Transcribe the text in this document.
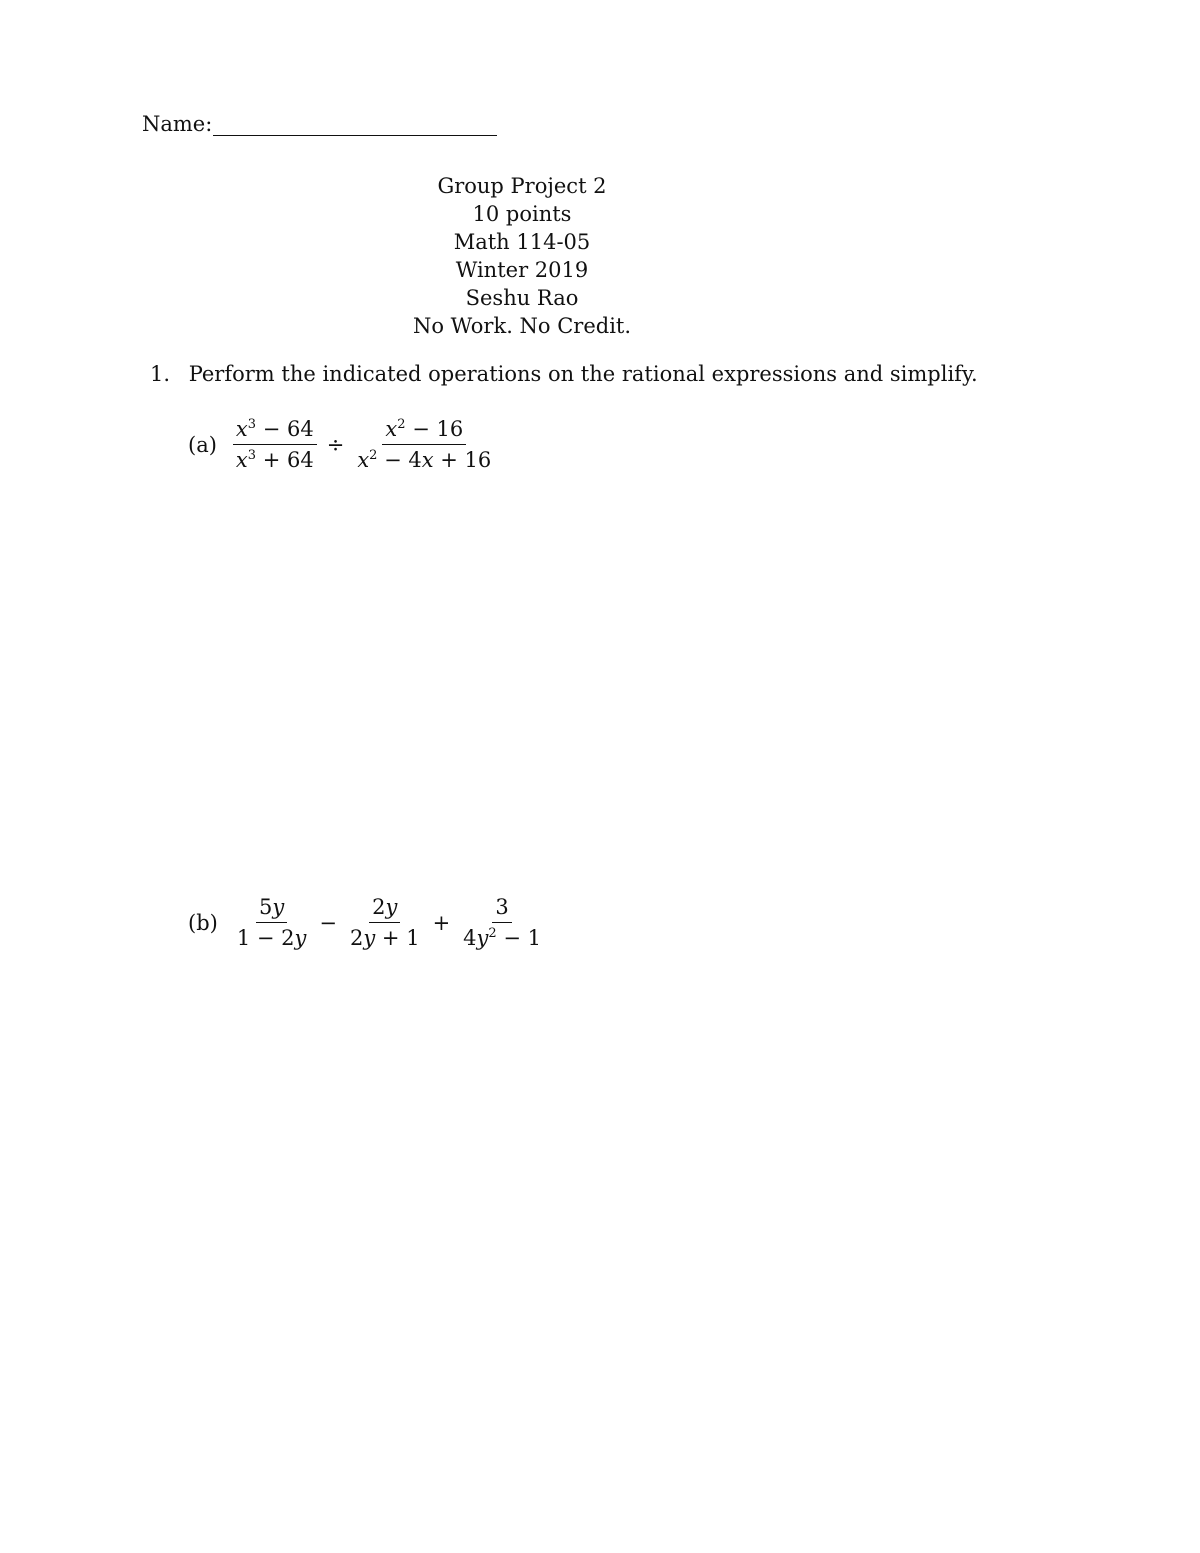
Name:
Group Project 2
10 points
Math 114-05
Winter 2019
Seshu Rao
No Work. No Credit.
1. Perform the indicated operations on the rational expressions and simplify.
$(a) \frac{x^3 - 64}{x^3 + 64} \div \frac{x^2 - 16}{x^2 - 4x + 16}$
$(b) \frac{5y}{1 - 2y} - \frac{2y}{2y + 1} + \frac{3}{4y^2 - 1}$
